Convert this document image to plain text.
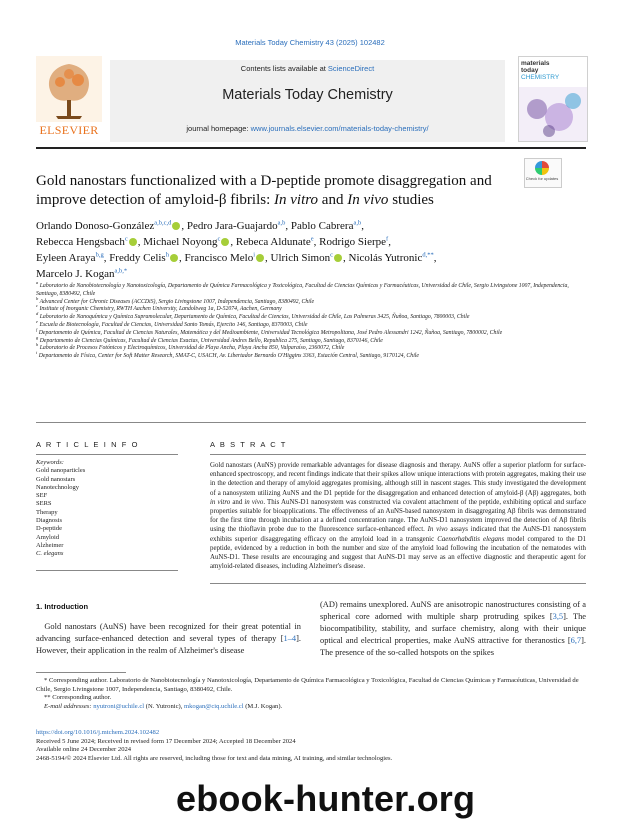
Materials Today Chemistry 43 (2025) 102482
ELSEVIER
Contents lists available at ScienceDirect
Materials Today Chemistry
journal homepage: www.journals.elsevier.com/materials-today-chemistry/
materials
today
CHEMISTRY
Check for updates
Gold nanostars functionalized with a D-peptide promote disaggregation and
improve detection of amyloid-β fibrils: In vitro and In vivo studies
Orlando Donoso-González$^{a,b,c,d}$ , Pedro Jara-Guajardo$^{a,b}$, Pablo Cabrera$^{a,b}$,
Rebecca Hengsbach$^c$ , Michael Noyong$^c$ , Rebeca Aldunate$^e$, Rodrigo Sierpe$^f$,
Eyleen Araya$^{b,g}$, Freddy Celis$^h$ , Francisco Melo$^i$ , Ulrich Simon$^c$ , Nicolás Yutronic$^{d,**}$,
Marcelo J. Kogan$^{a,b,*}$
$^a$ Laboratorio de Nanobiotecnología y Nanotoxicología, Departamento de Química Farmacológica y Toxicológica, Facultad de Ciencias Químicas y Farmacéuticas, Universidad de Chile, Sergio Livingstone 1007, Independencia, Santiago, 8380492, Chile
$^b$ Advanced Center for Chronic Diseases (ACCDiS), Sergio Livingstone 1007, Independencia, Santiago, 8380492, Chile
$^c$ Institute of Inorganic Chemistry, RWTH Aachen University, Landoltweg 1a, D-52074, Aachen, Germany
$^d$ Laboratorio de Nanoquímica y Química Supramolecular, Departamento de Química, Facultad de Ciencias, Universidad de Chile, Las Palmeras 3425, Ñuñoa, Santiago, 7800003, Chile
$^e$ Escuela de Biotecnología, Facultad de Ciencias, Universidad Santo Tomás, Ejercito 146, Santiago, 8370003, Chile
$^f$ Departamento de Química, Facultad de Ciencias Naturales, Matemática y del Medioambiente, Universidad Tecnológica Metropolitana, José Pedro Alessandri 1242, Ñuñoa, Santiago, 7800002, Chile
$^g$ Departamento de Ciencias Químicas, Facultad de Ciencias Exactas, Universidad Andres Bello, Republica 275, Santiago, Santiago, 8370146, Chile
$^h$ Laboratorio de Procesos Fotónicos y Electroquímicos, Universidad de Playa Ancha, Playa Ancha 850, Valparaíso, 2360072, Chile
$^i$ Departamento de Física, Center for Soft Matter Research, SMAT-C, USACH, Av. Libertador Bernardo O'Higgins 3363, Estación Central, Santiago, 9170124, Chile
A R T I C L E I N F O
Keywords:
Gold nanoparticles
Gold nanostars
Nanotechnology
SEF
SERS
Therapy
Diagnosis
D-peptide
Amyloid
Alzheimer
C. elegans
A B S T R A C T
Gold nanostars (AuNS) provide remarkable advantages for disease diagnosis and therapy. AuNS offer a superior platform for surface-enhanced spectroscopy, and recent findings indicate that their spikes allow unique interactions with protein aggregates, making their use in the detection and therapy of amyloid aggregates promising, although still in nascent stages. This study investigated the development of a nanosystem utilizing AuNS and the D1 peptide for the disaggregation and enhanced detection of amyloid-β (Aβ) aggregates, both in vitro and in vivo. This AuNS-D1 nanosystem was constructed via covalent attachment of the peptide, exhibiting optical and surface properties suitable for bioapplications. The effectiveness of an AuNS-based nanosystem in disaggregating Aβ fibrils was demonstrated for the first time through incubation at a defined concentration range. The AuNS-D1 nanosystem improved the detection of Aβ fibrils using the thioflavin probe due to the fluorescence surface-enhanced effect. In vivo assays indicated that the AuNS-D1 nanosystem exhibits superior disaggregating efficacy on the amyloid load in a transgenic Caenorhabditis elegans model compared to the D1 peptide, evidenced by a reduction in both the number and size of the amyloid load following the incubation of the nematodes with AuNS-D1. These results are encouraging and suggest that AuNS-D1 may serve as an effective diagnostic and therapeutic agent for amyloid-related diseases, including Alzheimer's disease.
1. Introduction
 Gold nanostars (AuNS) have been recognized for their great potential in advancing surface-enhanced detection and several types of therapy [1–4]. However, their application in the realm of Alzheimer's disease
(AD) remains unexplored. AuNS are anisotropic nanostructures consisting of a spherical core adorned with multiple sharp protruding spikes [3,5]. The biocompatibility, stability, and surface chemistry, along with their unique optical and electrical properties, make AuNS attractive for theranostics [6,7]. The presence of the so-called hotspots on the spikes
* Corresponding author. Laboratorio de Nanobiotecnología y Nanotoxicología, Departamento de Química Farmacológica y Toxicológica, Facultad de Ciencias Químicas y Farmacéuticas, Universidad de Chile, Sergio Livingstone 1007, Independencia, Santiago, 8380492, Chile.
** Corresponding author.
E-mail addresses: nyutroni@uchile.cl (N. Yutronic), mkogan@ciq.uchile.cl (M.J. Kogan).
https://doi.org/10.1016/j.mtchem.2024.102482
Received 5 June 2024; Received in revised form 17 December 2024; Accepted 18 December 2024
Available online 24 December 2024
2468-5194/© 2024 Elsevier Ltd. All rights are reserved, including those for text and data mining, AI training, and similar technologies.
ebook-hunter.org
